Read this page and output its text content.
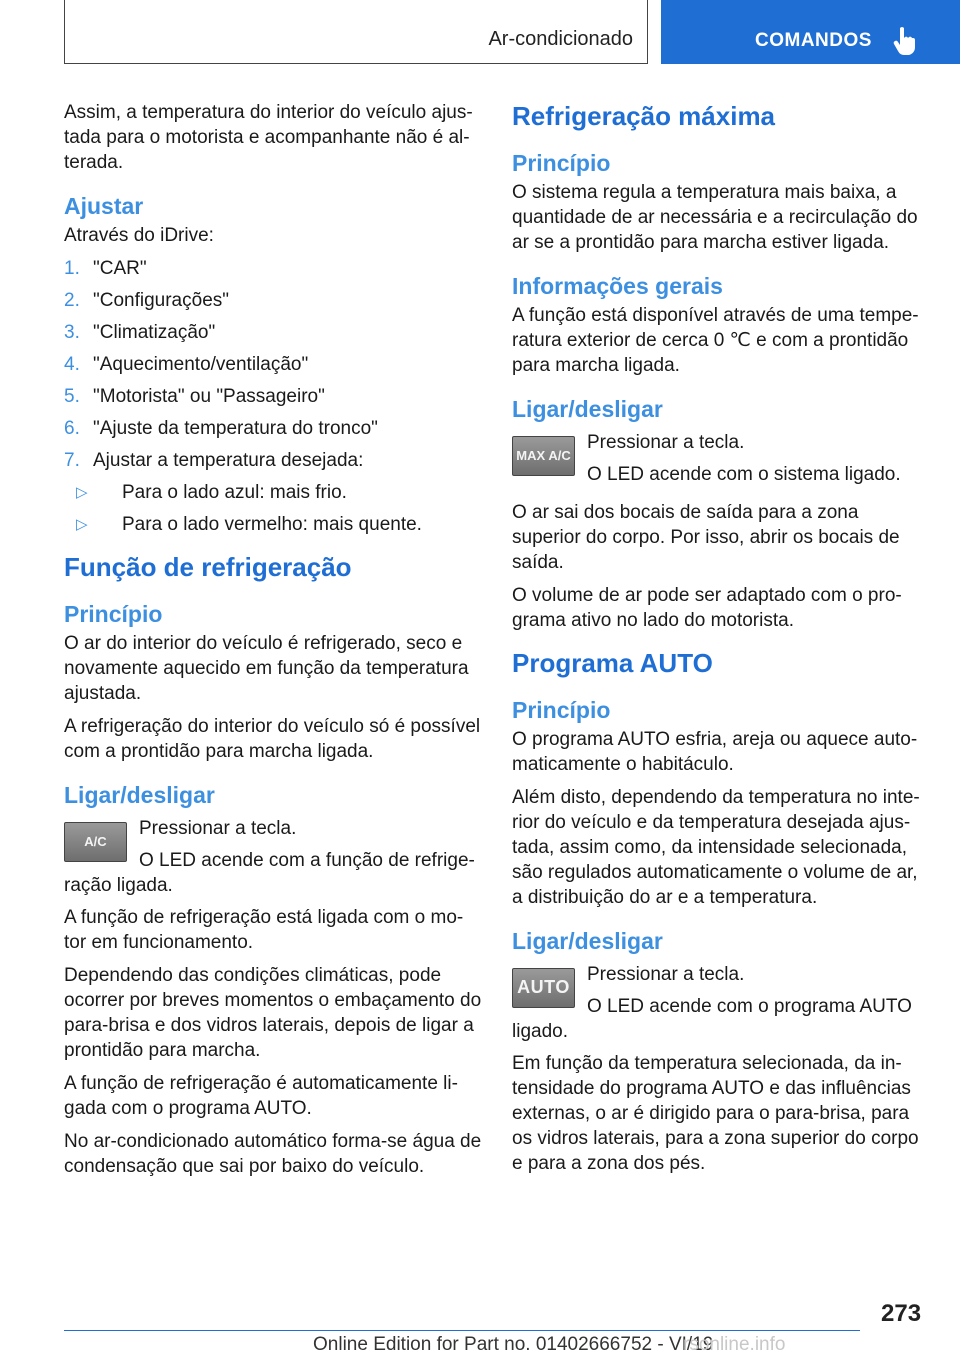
Ar-condicionado	COMANDOS

Assim, a temperatura do interior do veículo ajus-tada para o motorista e acompanhante não é al-terada.

Ajustar

Através do iDrive:

1. "CAR"
2. "Configurações"
3. "Climatização"
4. "Aquecimento/ventilação"
5. "Motorista" ou "Passageiro"
6. "Ajuste da temperatura do tronco"
7. Ajustar a temperatura desejada:
▷ Para o lado azul: mais frio.
▷ Para o lado vermelho: mais quente.
Função de refrigeração
Princípio

O ar do interior do veículo é refrigerado, seco e novamente aquecido em função da temperatura ajustada.

A refrigeração do interior do veículo só é possível com a prontidão para marcha ligada.

Ligar/desligar
A/C

Pressionar a tecla.

O LED acende com a função de refrige-ração ligada.

A função de refrigeração está ligada com o mo-tor em funcionamento.

Dependendo das condições climáticas, pode ocorrer por breves momentos o embaçamento do para-brisa e dos vidros laterais, depois de ligar a prontidão para marcha.

A função de refrigeração é automaticamente li-gada com o programa AUTO.

No ar-condicionado automático forma-se água de condensação que sai por baixo do veículo.

Refrigeração máxima
Princípio

O sistema regula a temperatura mais baixa, a quantidade de ar necessária e a recirculação do ar se a prontidão para marcha estiver ligada.

Informações gerais

A função está disponível através de uma tempe-ratura exterior de cerca 0 ℃ e com a prontidão para marcha ligada.

Ligar/desligar
MAX A/C

Pressionar a tecla.

O LED acende com o sistema ligado.

O ar sai dos bocais de saída para a zona superior do corpo. Por isso, abrir os bocais de saída.

O volume de ar pode ser adaptado com o pro-grama ativo no lado do motorista.

Programa AUTO
Princípio

O programa AUTO esfria, areja ou aquece auto-maticamente o habitáculo.

Além disto, dependendo da temperatura no inte-rior do veículo e da temperatura desejada ajus-tada, assim como, da intensidade selecionada, são regulados automaticamente o volume de ar, a distribuição do ar e a temperatura.

Ligar/desligar
AUTO

Pressionar a tecla.

O LED acende com o programa AUTO ligado.

Em função da temperatura selecionada, da in-tensidade do programa AUTO e das influências externas, o ar é dirigido para o para-brisa, para os vidros laterais, para a zona superior do corpo e para a zona dos pés.

273
Online Edition for Part no. 01402666752 - VI/19
rsonline.info
